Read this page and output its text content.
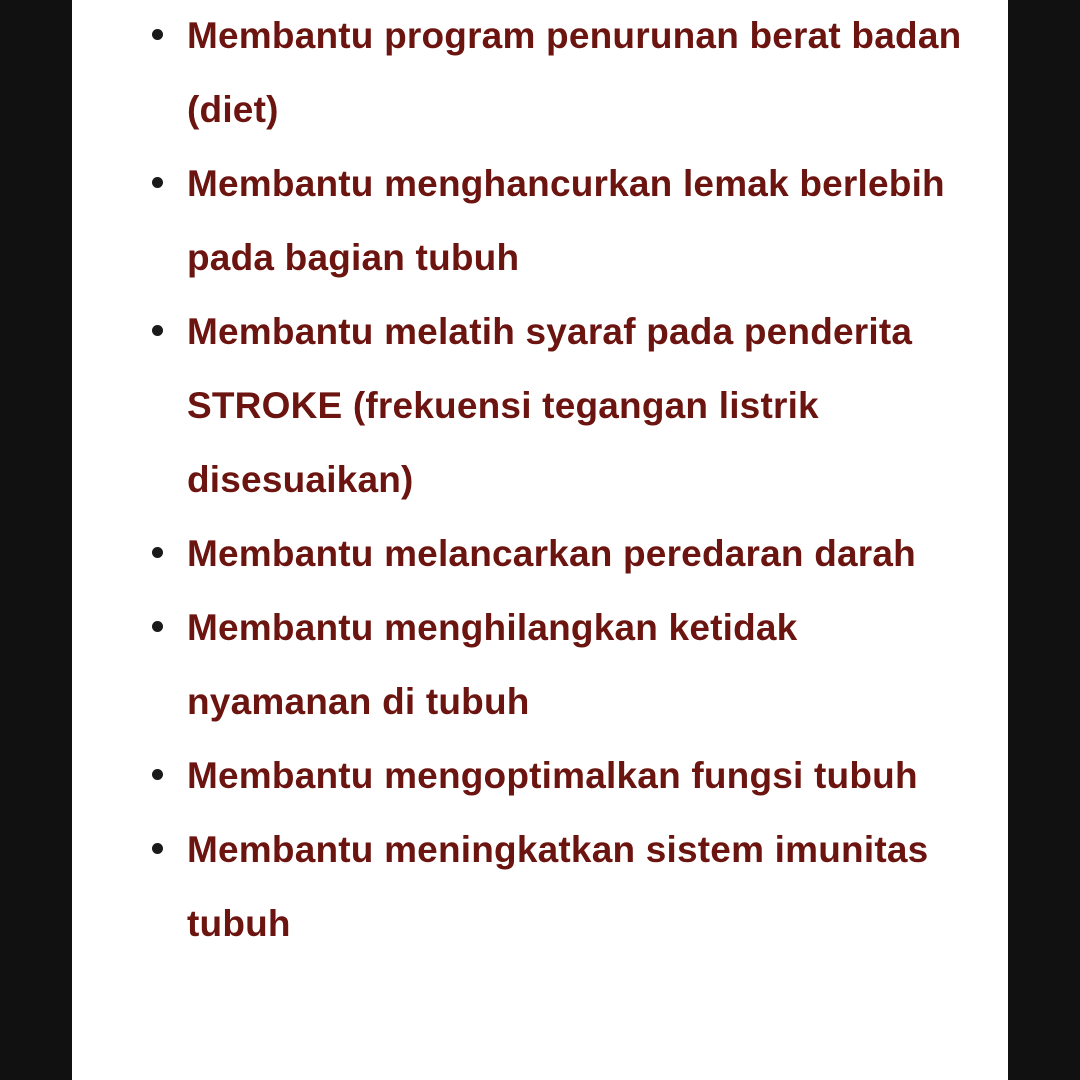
Membantu program penurunan berat badan (diet)
Membantu menghancurkan lemak berlebih pada bagian tubuh
Membantu melatih syaraf pada penderita STROKE (frekuensi tegangan listrik disesuaikan)
Membantu melancarkan peredaran darah
Membantu menghilangkan ketidak nyamanan di tubuh
Membantu mengoptimalkan fungsi tubuh
Membantu meningkatkan sistem imunitas tubuh
